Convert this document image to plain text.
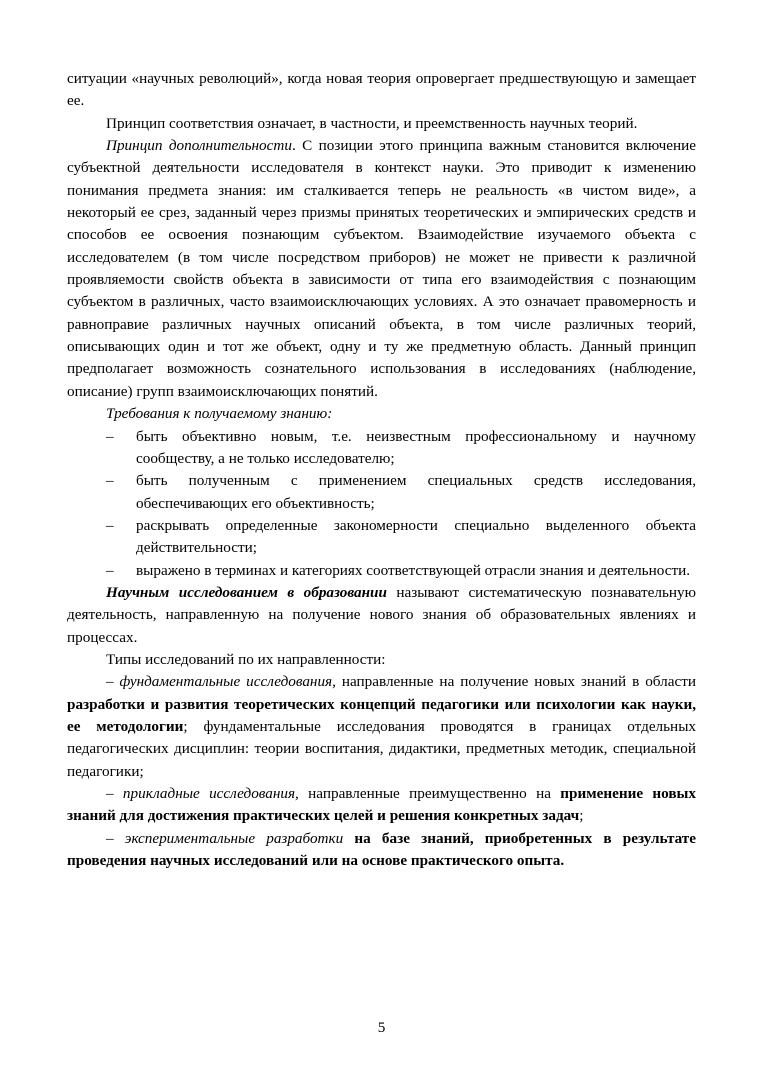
ситуации «научных революций», когда новая теория опровергает предшествующую и замещает ее.

Принцип соответствия означает, в частности, и преемственность научных теорий.

Принцип дополнительности. С позиции этого принципа важным становится включение субъектной деятельности исследователя в контекст науки. Это приводит к изменению понимания предмета знания: им сталкивается теперь не реальность «в чистом виде», а некоторый ее срез, заданный через призмы принятых теоретических и эмпирических средств и способов ее освоения познающим субъектом. Взаимодействие изучаемого объекта с исследователем (в том числе посредством приборов) не может не привести к различной проявляемости свойств объекта в зависимости от типа его взаимодействия с познающим субъектом в различных, часто взаимоисключающих условиях. А это означает правомерность и равноправие различных научных описаний объекта, в том числе различных теорий, описывающих один и тот же объект, одну и ту же предметную область. Данный принцип предполагает возможность сознательного использования в исследованиях (наблюдение, описание) групп взаимоисключающих понятий.

Требования к получаемому знанию:

– быть объективно новым, т.е. неизвестным профессиональному и научному сообществу, а не только исследователю;
– быть полученным с применением специальных средств исследования, обеспечивающих его объективность;
– раскрывать определенные закономерности специально выделенного объекта действительности;
– выражено в терминах и категориях соответствующей отрасли знания и деятельности.

Научным исследованием в образовании называют систематическую познавательную деятельность, направленную на получение нового знания об образовательных явлениях и процессах.

Типы исследований по их направленности:

– фундаментальные исследования, направленные на получение новых знаний в области разработки и развития теоретических концепций педагогики или психологии как науки, ее методологии; фундаментальные исследования проводятся в границах отдельных педагогических дисциплин: теории воспитания, дидактики, предметных методик, специальной педагогики;

– прикладные исследования, направленные преимущественно на применение новых знаний для достижения практических целей и решения конкретных задач;

– экспериментальные разработки на базе знаний, приобретенных в результате проведения научных исследований или на основе практического опыта.

5
